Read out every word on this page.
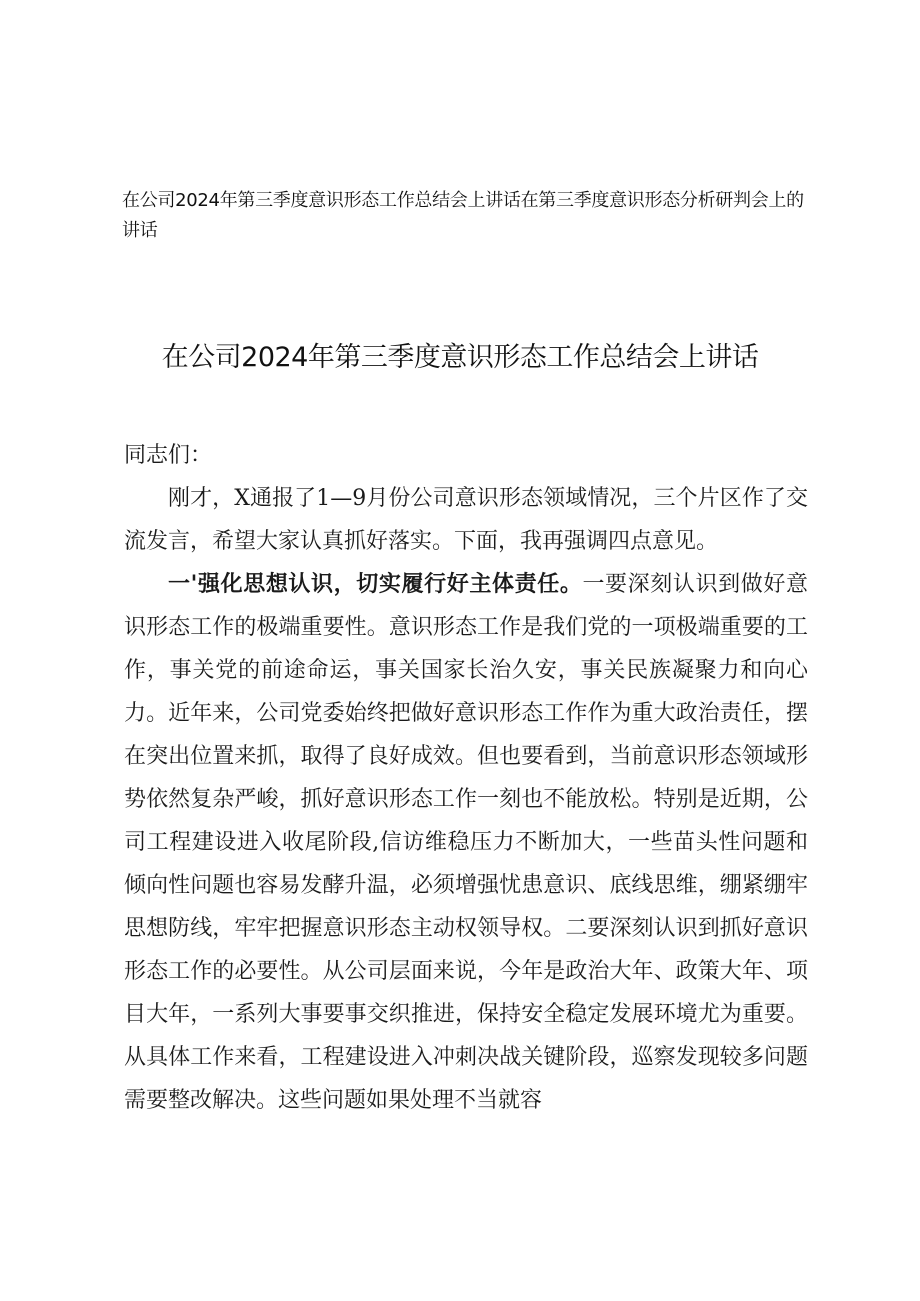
在公司2024年第三季度意识形态工作总结会上讲话在第三季度意识形态分析研判会上的讲话

在公司2024年第三季度意识形态工作总结会上讲话

同志们：

刚才，X通报了1—9月份公司意识形态领域情况，三个片区作了交流发言，希望大家认真抓好落实。下面，我再强调四点意见。

一'强化思想认识，切实履行好主体责任。一要深刻认识到做好意识形态工作的极端重要性。意识形态工作是我们党的一项极端重要的工作，事关党的前途命运，事关国家长治久安，事关民族凝聚力和向心力。近年来，公司党委始终把做好意识形态工作作为重大政治责任，摆在突出位置来抓，取得了良好成效。但也要看到，当前意识形态领域形势依然复杂严峻，抓好意识形态工作一刻也不能放松。特别是近期，公司工程建设进入收尾阶段,信访维稳压力不断加大，一些苗头性问题和倾向性问题也容易发酵升温，必须增强忧患意识、底线思维，绷紧绷牢思想防线，牢牢把握意识形态主动权领导权。二要深刻认识到抓好意识形态工作的必要性。从公司层面来说，今年是政治大年、政策大年、项目大年，一系列大事要事交织推进，保持安全稳定发展环境尤为重要。从具体工作来看，工程建设进入冲刺决战关键阶段，巡察发现较多问题需要整改解决。这些问题如果处理不当就容
